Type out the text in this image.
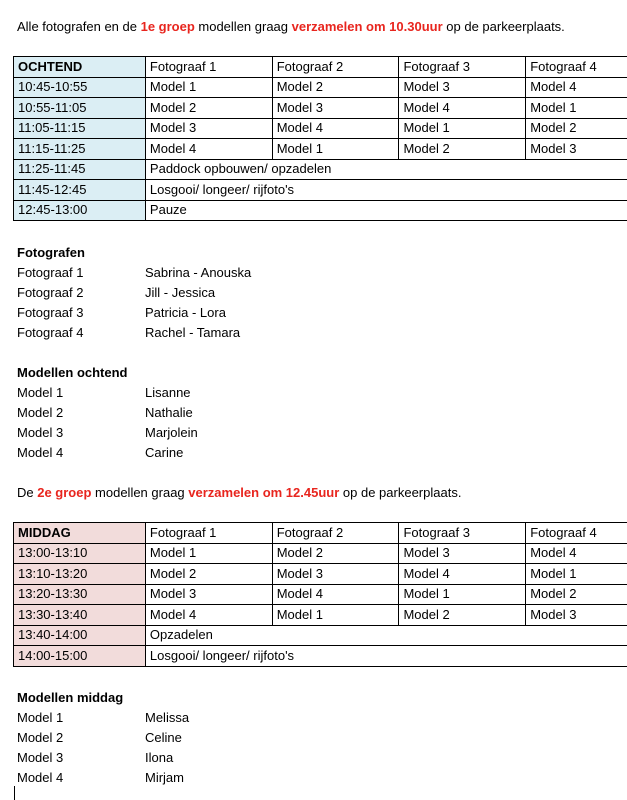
Alle fotografen en de 1e groep modellen graag verzamelen om 10.30uur op de parkeerplaats.
OCHTEND	Fotograaf 1	Fotograaf 2	Fotograaf 3	Fotograaf 4
10:45-10:55	Model 1	Model 2	Model 3	Model 4
10:55-11:05	Model 2	Model 3	Model 4	Model 1
11:05-11:15	Model 3	Model 4	Model 1	Model 2
11:15-11:25	Model 4	Model 1	Model 2	Model 3
11:25-11:45	Paddock opbouwen/ opzadelen			
11:45-12:45	Losgooi/ longeer/ rijfoto's			
12:45-13:00	Pauze			
Fotografen
Fotograaf 1	Sabrina - Anouska
Fotograaf 2	Jill - Jessica
Fotograaf 3	Patricia - Lora
Fotograaf 4	Rachel - Tamara
Modellen ochtend
Model 1	Lisanne
Model 2	Nathalie
Model 3	Marjolein
Model 4	Carine
De 2e groep modellen graag verzamelen om 12.45uur op de parkeerplaats.
MIDDAG	Fotograaf 1	Fotograaf 2	Fotograaf 3	Fotograaf 4
13:00-13:10	Model 1	Model 2	Model 3	Model 4
13:10-13:20	Model 2	Model 3	Model 4	Model 1
13:20-13:30	Model 3	Model 4	Model 1	Model 2
13:30-13:40	Model 4	Model 1	Model 2	Model 3
13:40-14:00	Opzadelen			
14:00-15:00	Losgooi/ longeer/ rijfoto's			
Modellen middag
Model 1	Melissa
Model 2	Celine
Model 3	Ilona
Model 4	Mirjam
